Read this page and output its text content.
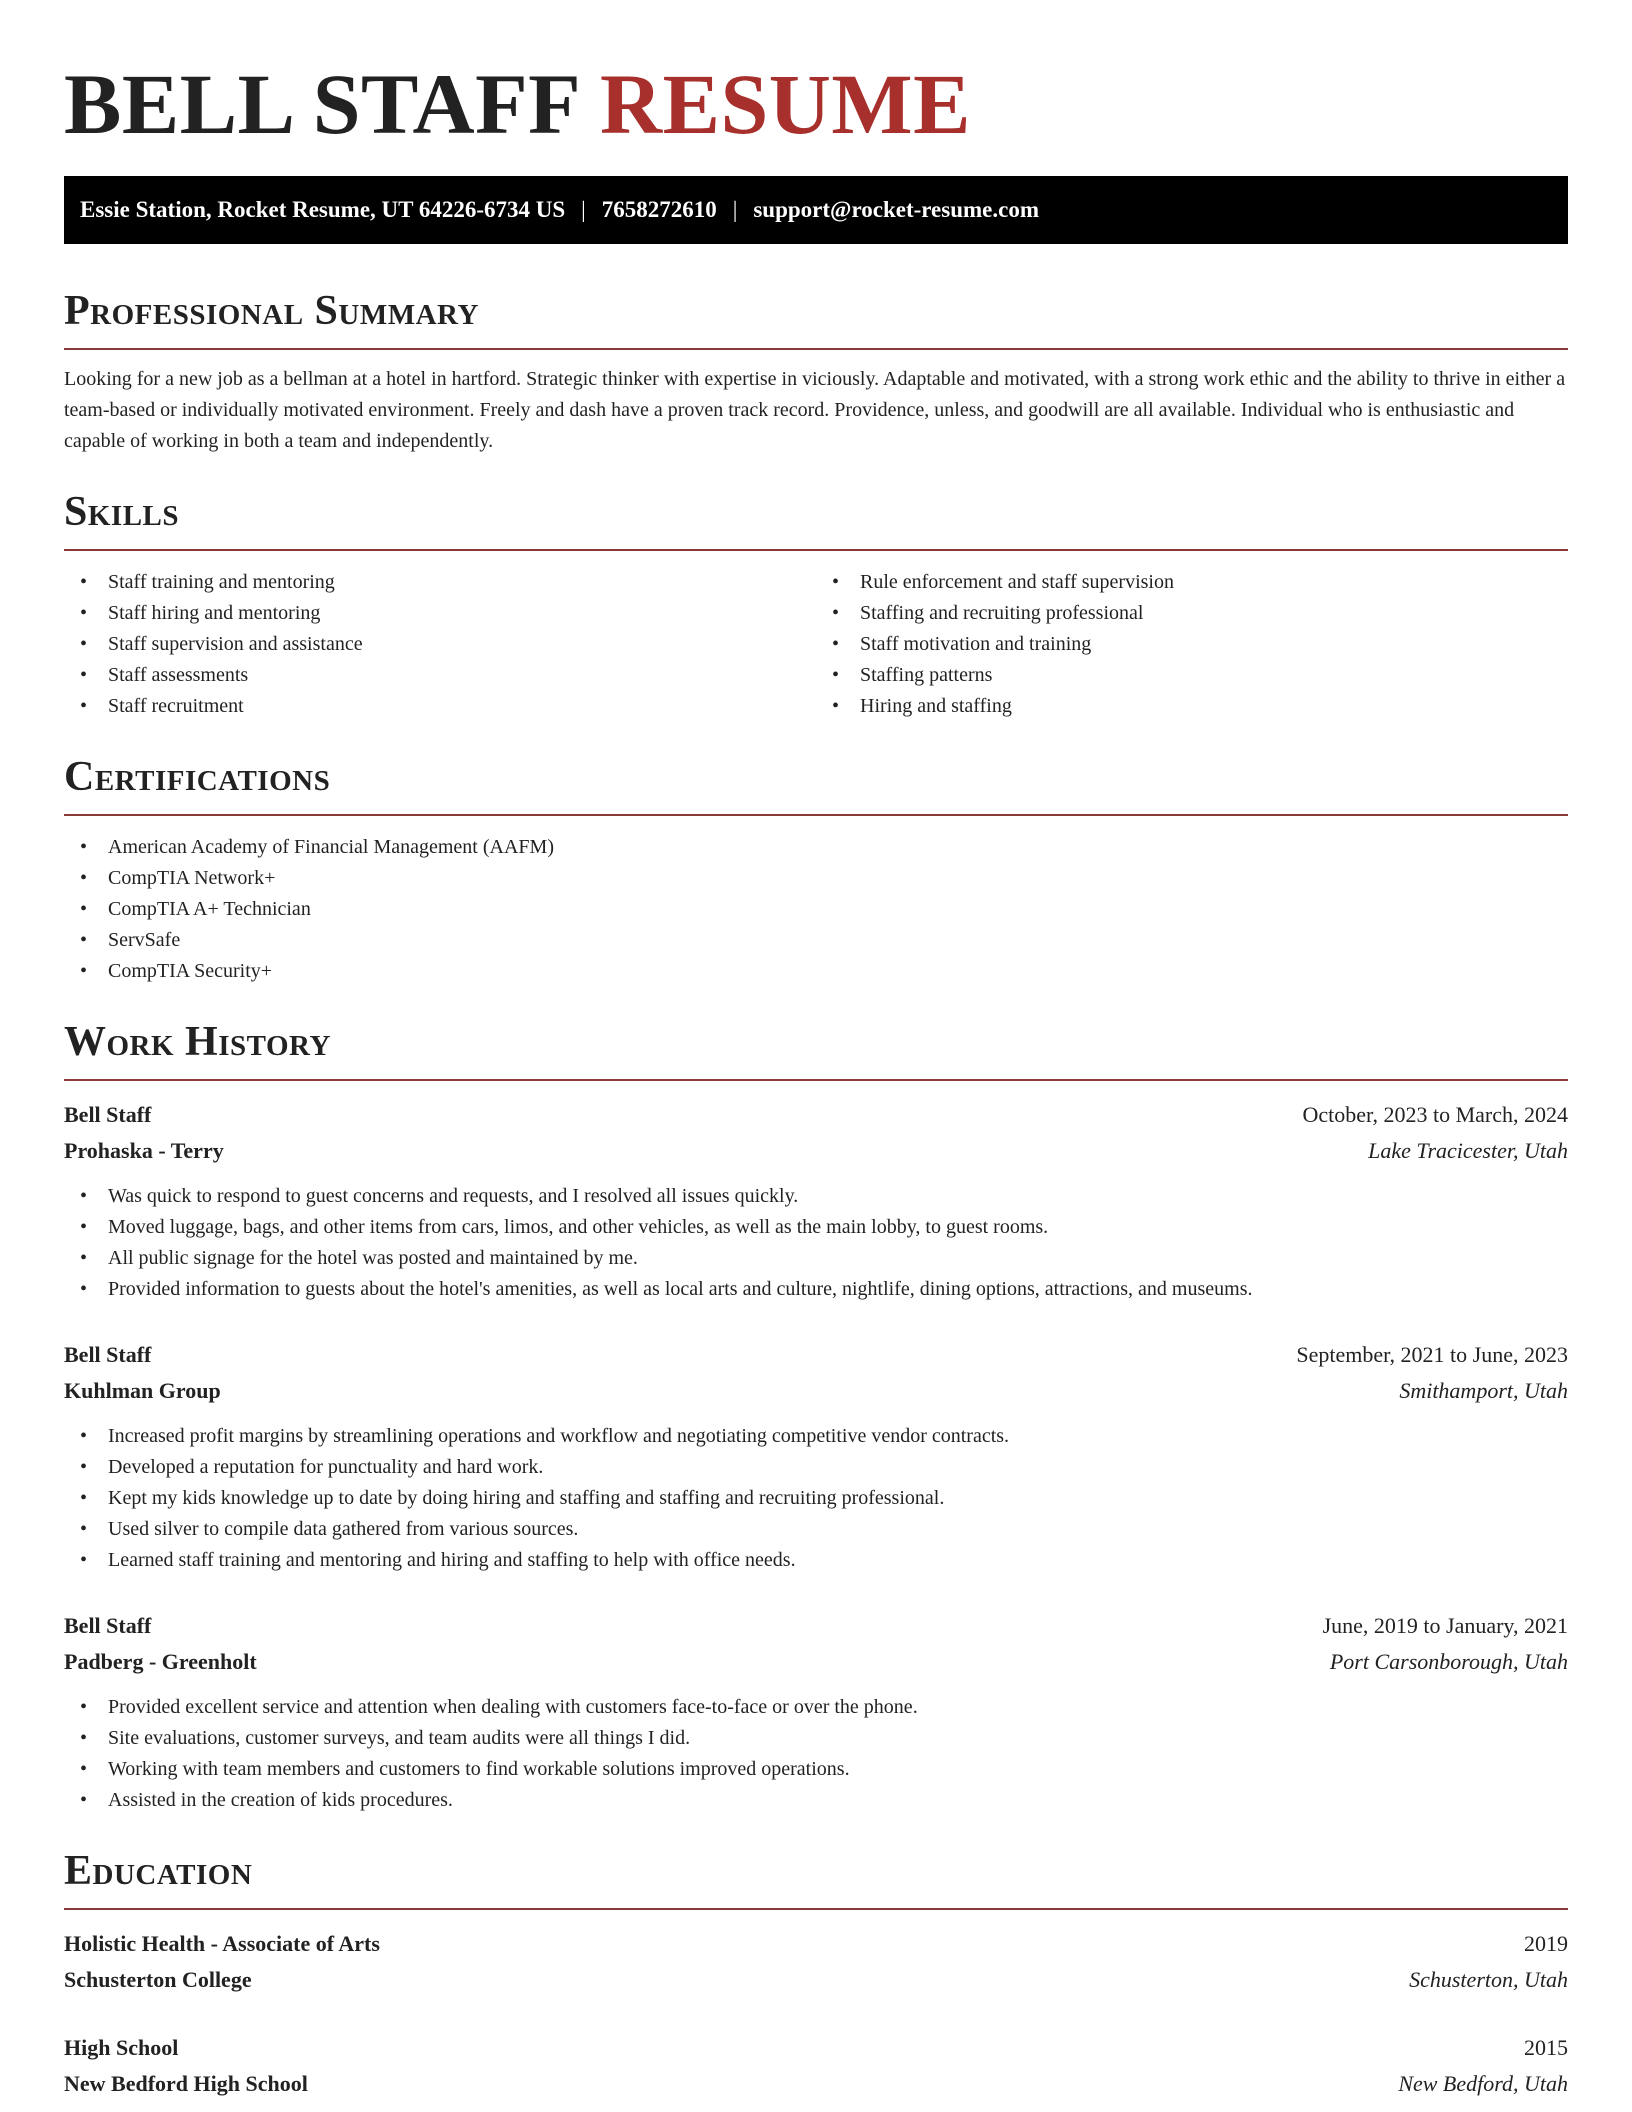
BELL STAFF RESUME
Essie Station, Rocket Resume, UT 64226-6734 US | 7658272610 | support@rocket-resume.com
Professional Summary

Looking for a new job as a bellman at a hotel in hartford. Strategic thinker with expertise in viciously. Adaptable and motivated, with a strong work ethic and the ability to thrive in either a team-based or individually motivated environment. Freely and dash have a proven track record. Providence, unless, and goodwill are all available. Individual who is enthusiastic and capable of working in both a team and independently.

Skills
• Staff training and mentoring
• Staff hiring and mentoring
• Staff supervision and assistance
• Staff assessments
• Staff recruitment
• Rule enforcement and staff supervision
• Staffing and recruiting professional
• Staff motivation and training
• Staffing patterns
• Hiring and staffing
Certifications
• American Academy of Financial Management (AAFM)
• CompTIA Network+
• CompTIA A+ Technician
• ServSafe
• CompTIA Security+
Work History
Bell Staff	October, 2023 to March, 2024
Prohaska - Terry	Lake Tracicester, Utah
• Was quick to respond to guest concerns and requests, and I resolved all issues quickly.
• Moved luggage, bags, and other items from cars, limos, and other vehicles, as well as the main lobby, to guest rooms.
• All public signage for the hotel was posted and maintained by me.
• Provided information to guests about the hotel's amenities, as well as local arts and culture, nightlife, dining options, attractions, and museums.
Bell Staff	September, 2021 to June, 2023
Kuhlman Group	Smithamport, Utah
• Increased profit margins by streamlining operations and workflow and negotiating competitive vendor contracts.
• Developed a reputation for punctuality and hard work.
• Kept my kids knowledge up to date by doing hiring and staffing and staffing and recruiting professional.
• Used silver to compile data gathered from various sources.
• Learned staff training and mentoring and hiring and staffing to help with office needs.
Bell Staff	June, 2019 to January, 2021
Padberg - Greenholt	Port Carsonborough, Utah
• Provided excellent service and attention when dealing with customers face-to-face or over the phone.
• Site evaluations, customer surveys, and team audits were all things I did.
• Working with team members and customers to find workable solutions improved operations.
• Assisted in the creation of kids procedures.
Education
Holistic Health - Associate of Arts	2019
Schusterton College	Schusterton, Utah
High School	2015
New Bedford High School	New Bedford, Utah
